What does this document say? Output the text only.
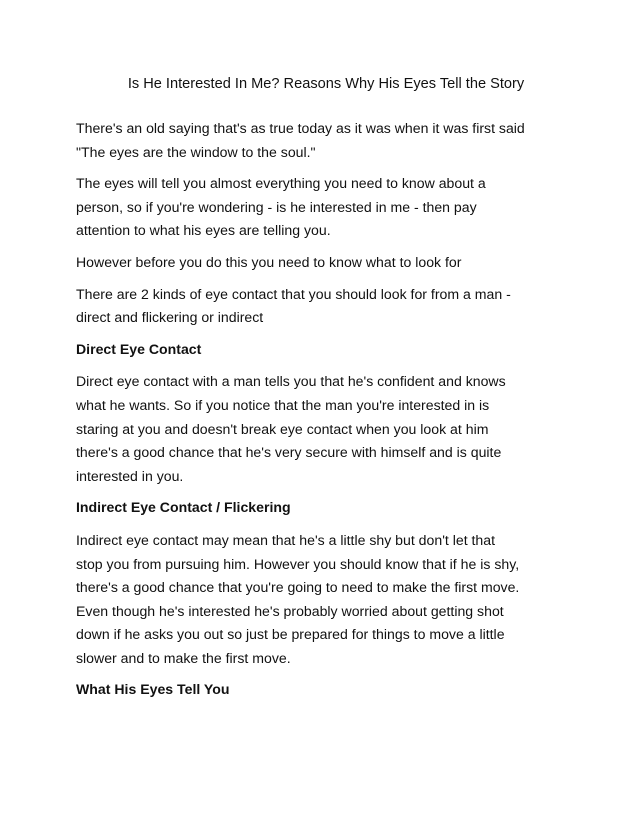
Is He Interested In Me? Reasons Why His Eyes Tell the Story

There's an old saying that's as true today as it was when it was first said
"The eyes are the window to the soul."

The eyes will tell you almost everything you need to know about a
person, so if you're wondering - is he interested in me - then pay
attention to what his eyes are telling you.

However before you do this you need to know what to look for

There are 2 kinds of eye contact that you should look for from a man -
direct and flickering or indirect

Direct Eye Contact

Direct eye contact with a man tells you that he's confident and knows
what he wants. So if you notice that the man you're interested in is
staring at you and doesn't break eye contact when you look at him
there's a good chance that he's very secure with himself and is quite
interested in you.

Indirect Eye Contact / Flickering

Indirect eye contact may mean that he's a little shy but don't let that
stop you from pursuing him. However you should know that if he is shy,
there's a good chance that you're going to need to make the first move.
Even though he's interested he's probably worried about getting shot
down if he asks you out so just be prepared for things to move a little
slower and to make the first move.

What His Eyes Tell You
